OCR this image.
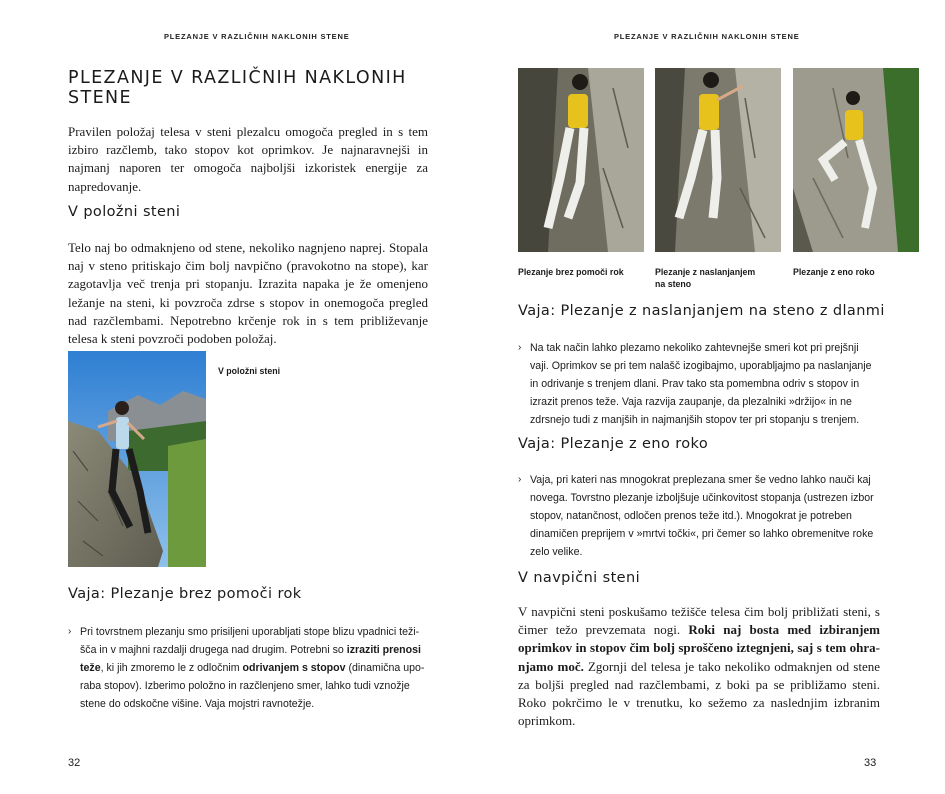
PLEZANJE V RAZLIČNIH NAKLONIH STENE
PLEZANJE V RAZLIČNIH NAKLONIH STENE

Pravilen položaj telesa v steni plezalcu omogoča pregled in s tem izbiro razčlemb, tako stopov kot oprimkov. Je najnaravnejši in najmanj naporen ter omogoča najboljši izkoristek energije za napredovanje.

V položni steni

Telo naj bo odmaknjeno od stene, nekoliko nagnjeno naprej. Stopala naj v steno pritiskajo čim bolj navpično (pravokotno na stope), kar zagotavlja več trenja pri stopanju. Izrazita napaka je že omenjeno ležanje na steni, ki povzroča zdrse s stopov in onemogoča pregled nad razčlembami. Nepotrebno krčenje rok in s tem približevanje telesa k steni povzroči podoben položaj.

V položni steni
Vaja: Plezanje brez pomoči rok
› Pri tovrstnem plezanju smo prisiljeni uporabljati stope blizu vpadnici težišča in v majhni razdalji drugega nad drugim. Potrebni so izraziti prenosi teže, ki jih zmoremo le z odločnim odrivanjem s stopov (dinamična uporaba stopov). Izberimo položno in razčlenjeno smer, lahko tudi vznožje stene do odskočne višine. Vaja mojstri ravnotežje.
32
PLEZANJE V RAZLIČNIH NAKLONIH STENE
Plezanje brez pomoči rok	Plezanje z naslanjanjem na steno
Plezanje z eno roko
Vaja: Plezanje z naslanjanjem na steno z dlanmi
› Na tak način lahko plezamo nekoliko zahtevnejše smeri kot pri prejšnji vaji. Oprimkov se pri tem nalašč izogibajmo, uporabljajmo pa naslanjanje in odrivanje s trenjem dlani. Prav tako sta pomembna odriv s stopov in izrazit prenos teže. Vaja razvija zaupanje, da plezalniki »držijo« in ne zdrsnejo tudi z manjših in najmanjših stopov ter pri stopanju s trenjem.
Vaja: Plezanje z eno roko
› Vaja, pri kateri nas mnogokrat preplezana smer še vedno lahko nauči kaj novega. Tovrstno plezanje izboljšuje učinkovitost stopanja (ustrezen izbor stopov, natančnost, odločen prenos teže itd.). Mnogokrat je potreben dinamičen preprijem v »mrtvi točki«, pri čemer so lahko obremenitve roke zelo velike.
V navpični steni

V navpični steni poskušamo težišče telesa čim bolj približati steni, s čimer težo prevzemata nogi. Roki naj bosta med izbiranjem oprimkov in stopov čim bolj sproščeno iztegnjeni, saj s tem ohranjamo moč. Zgornji del telesa je tako nekoliko odmaknjen od stene za boljši pregled nad razčlembami, z boki pa se približamo steni. Roko pokrčimo le v trenutku, ko sežemo za naslednjim izbranim oprimkom.

33
